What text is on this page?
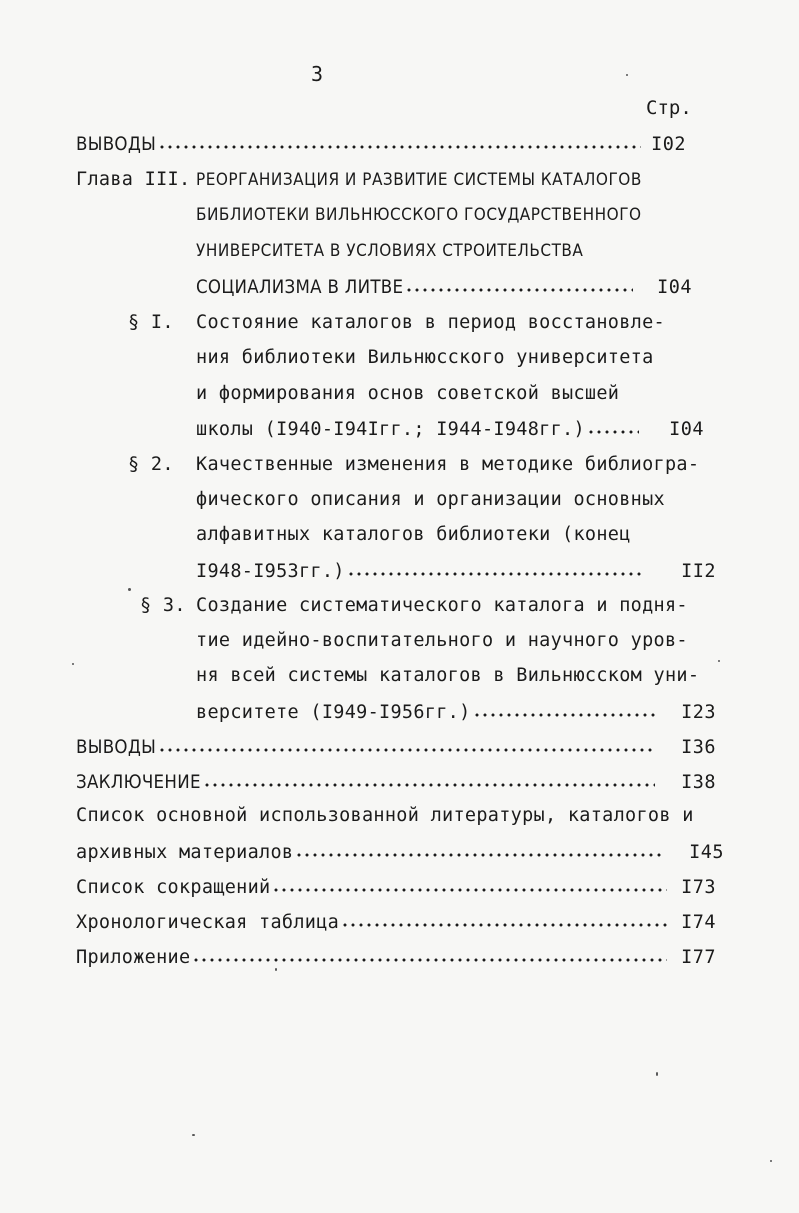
3
Стр.
ВЫВОДЫ	I02
Глава III. РЕОРГАНИЗАЦИЯ И РАЗВИТИЕ СИСТЕМЫ КАТАЛОГОВ
БИБЛИОТЕКИ ВИЛЬНЮССКОГО ГОСУДАРСТВЕННОГО
УНИВЕРСИТЕТА В УСЛОВИЯХ СТРОИТЕЛЬСТВА
СОЦИАЛИЗМА В ЛИТВЕ	I04
§ I. Состояние каталогов в период восстановле-
ния библиотеки Вильнюсского университета
и формирования основ советской высшей
школы (I940-I94Iгг.; I944-I948гг.)	I04
§ 2. Качественные изменения в методике библиогра-
фического описания и организации основных
алфавитных каталогов библиотеки (конец
I948-I953гг.)	II2
§ 3. Создание систематического каталога и подня-
тие идейно-воспитательного и научного уров-
ня всей системы каталогов в Вильнюсском уни-
верситете (I949-I956гг.)	I23
ВЫВОДЫ	I36
ЗАКЛЮЧЕНИЕ	I38
Список основной использованной литературы, каталогов и
архивных материалов	I45
Список сокращений	I73
Хронологическая таблица	I74
Приложение	I77
